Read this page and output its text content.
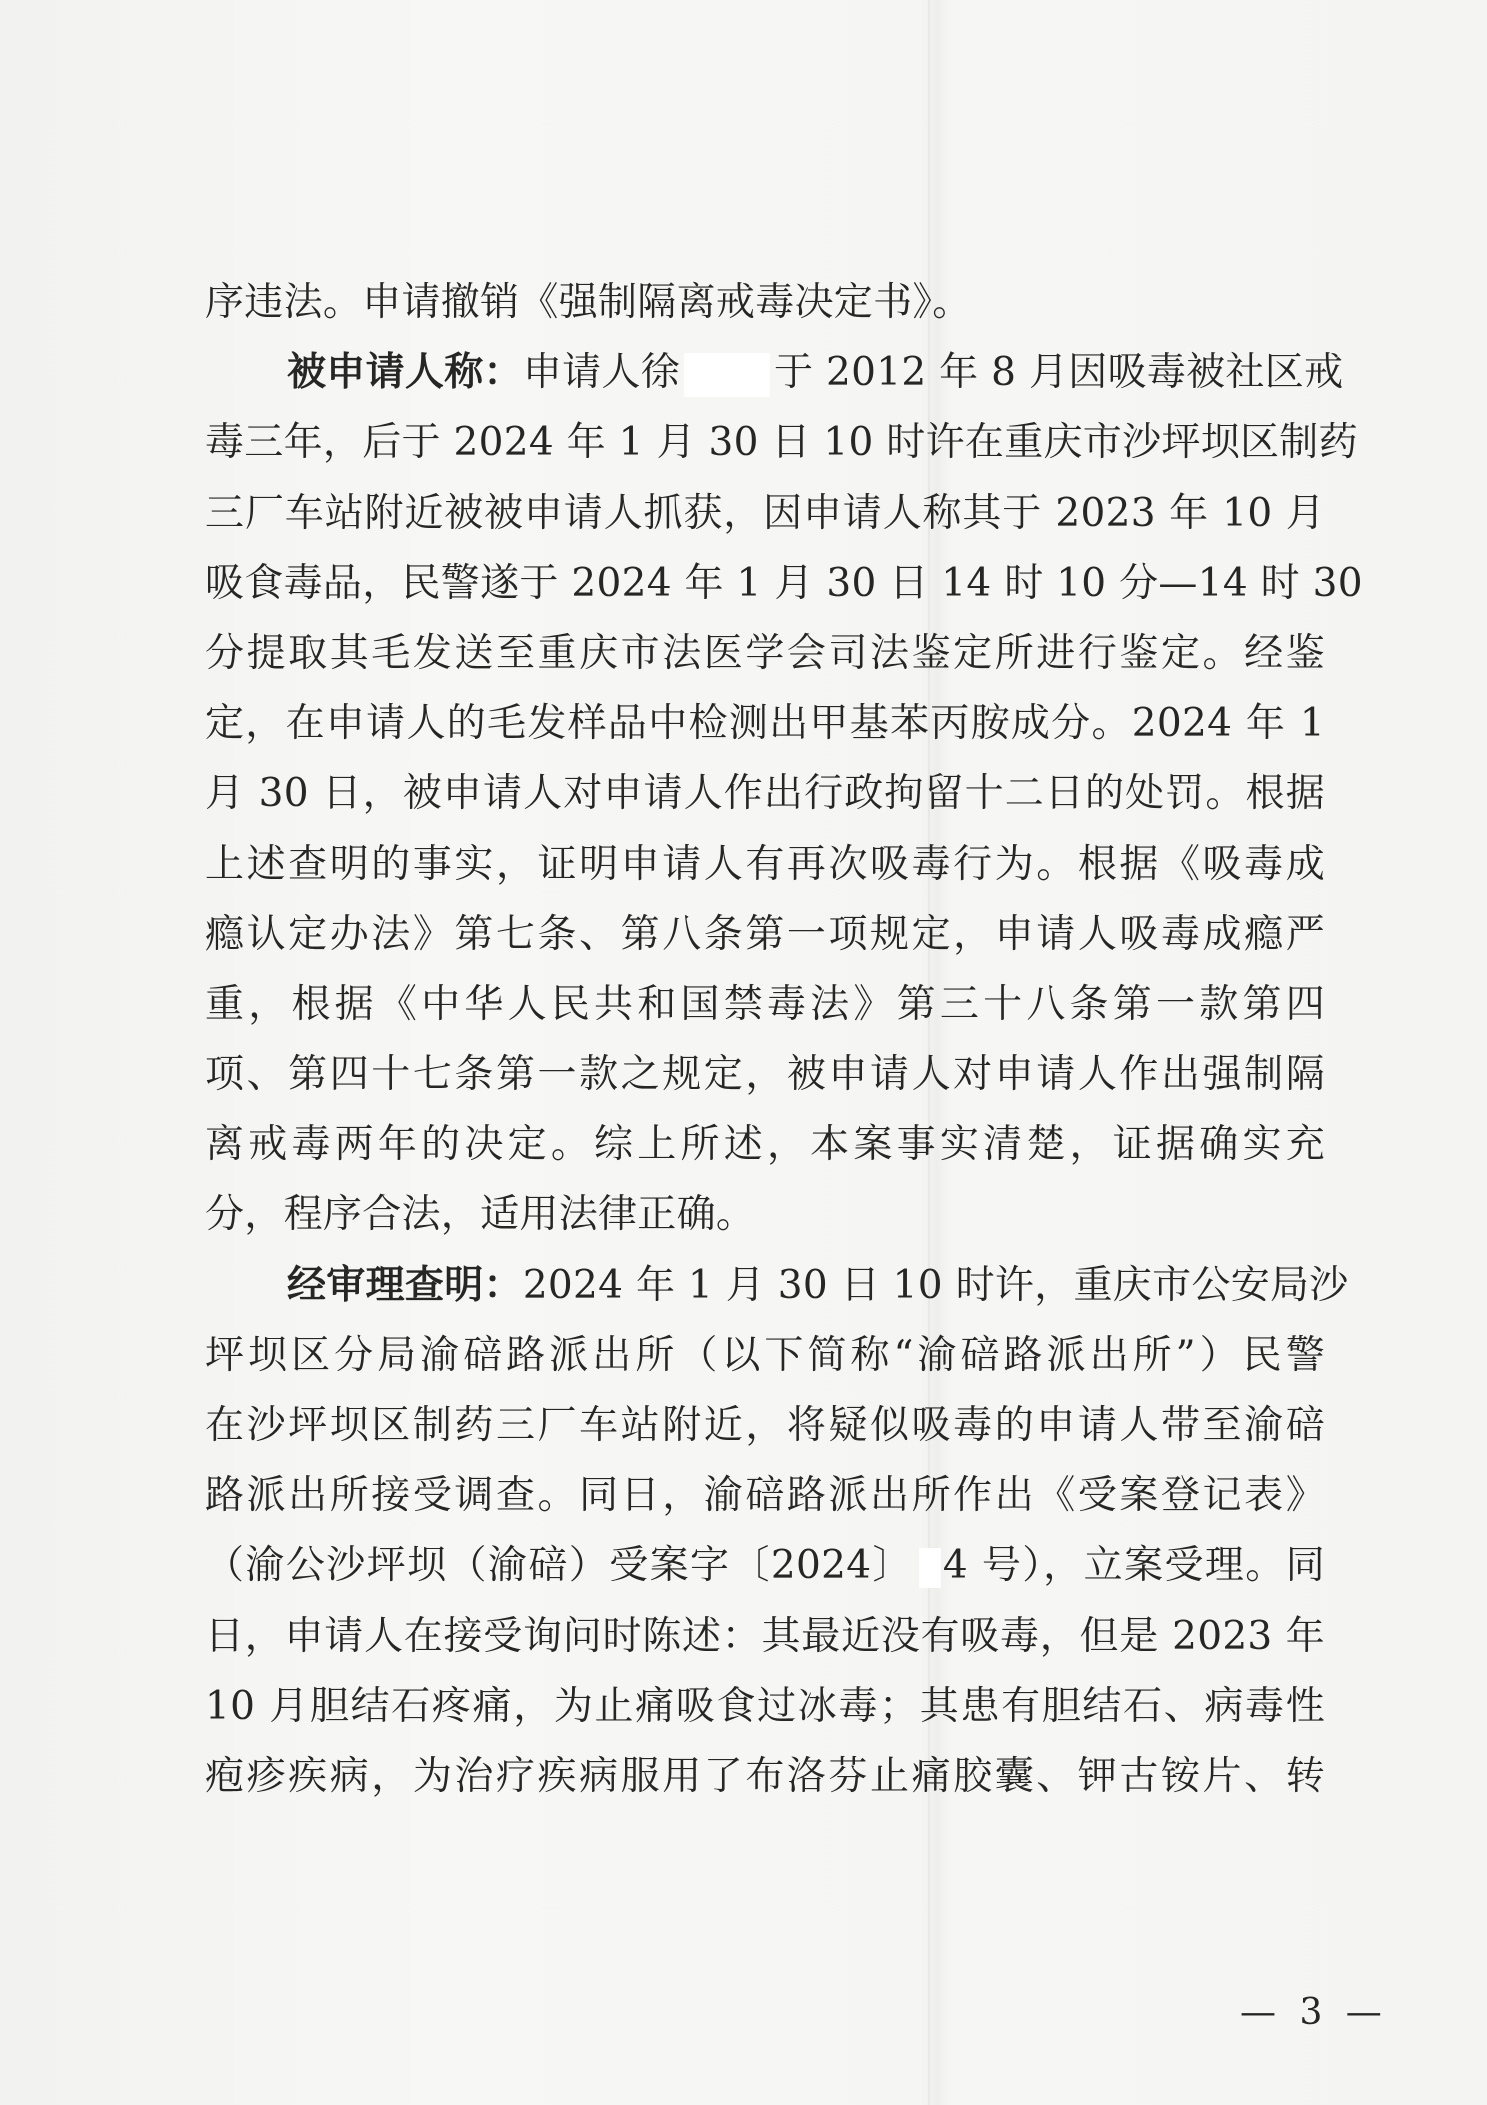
序违法。申请撤销《强制隔离戒毒决定书》。
被申请人称：申请人徐 于 2012 年 8 月因吸毒被社区戒
毒三年，后于 2024 年 1 月 30 日 10 时许在重庆市沙坪坝区制药
三厂车站附近被被申请人抓获，因申请人称其于 2023 年 10 月
吸食毒品，民警遂于 2024 年 1 月 30 日 14 时 10 分—14 时 30
分提取其毛发送至重庆市法医学会司法鉴定所进行鉴定。经鉴
定，在申请人的毛发样品中检测出甲基苯丙胺成分。2024 年 1
月 30 日，被申请人对申请人作出行政拘留十二日的处罚。根据
上述查明的事实，证明申请人有再次吸毒行为。根据《吸毒成
瘾认定办法》第七条、第八条第一项规定，申请人吸毒成瘾严
重，根据《中华人民共和国禁毒法》第三十八条第一款第四
项、第四十七条第一款之规定，被申请人对申请人作出强制隔
离戒毒两年的决定。综上所述，本案事实清楚，证据确实充
分，程序合法，适用法律正确。
经审理查明：2024 年 1 月 30 日 10 时许，重庆市公安局沙
坪坝区分局渝碚路派出所（以下简称“渝碚路派出所”）民警
在沙坪坝区制药三厂车站附近，将疑似吸毒的申请人带至渝碚
路派出所接受调查。同日，渝碚路派出所作出《受案登记表》
（渝公沙坪坝（渝碚）受案字〔2024〕 4 号），立案受理。同
日，申请人在接受询问时陈述：其最近没有吸毒，但是 2023 年
10 月胆结石疼痛，为止痛吸食过冰毒；其患有胆结石、病毒性
疱疹疾病，为治疗疾病服用了布洛芬止痛胶囊、钾古铵片、转
— 3 —
